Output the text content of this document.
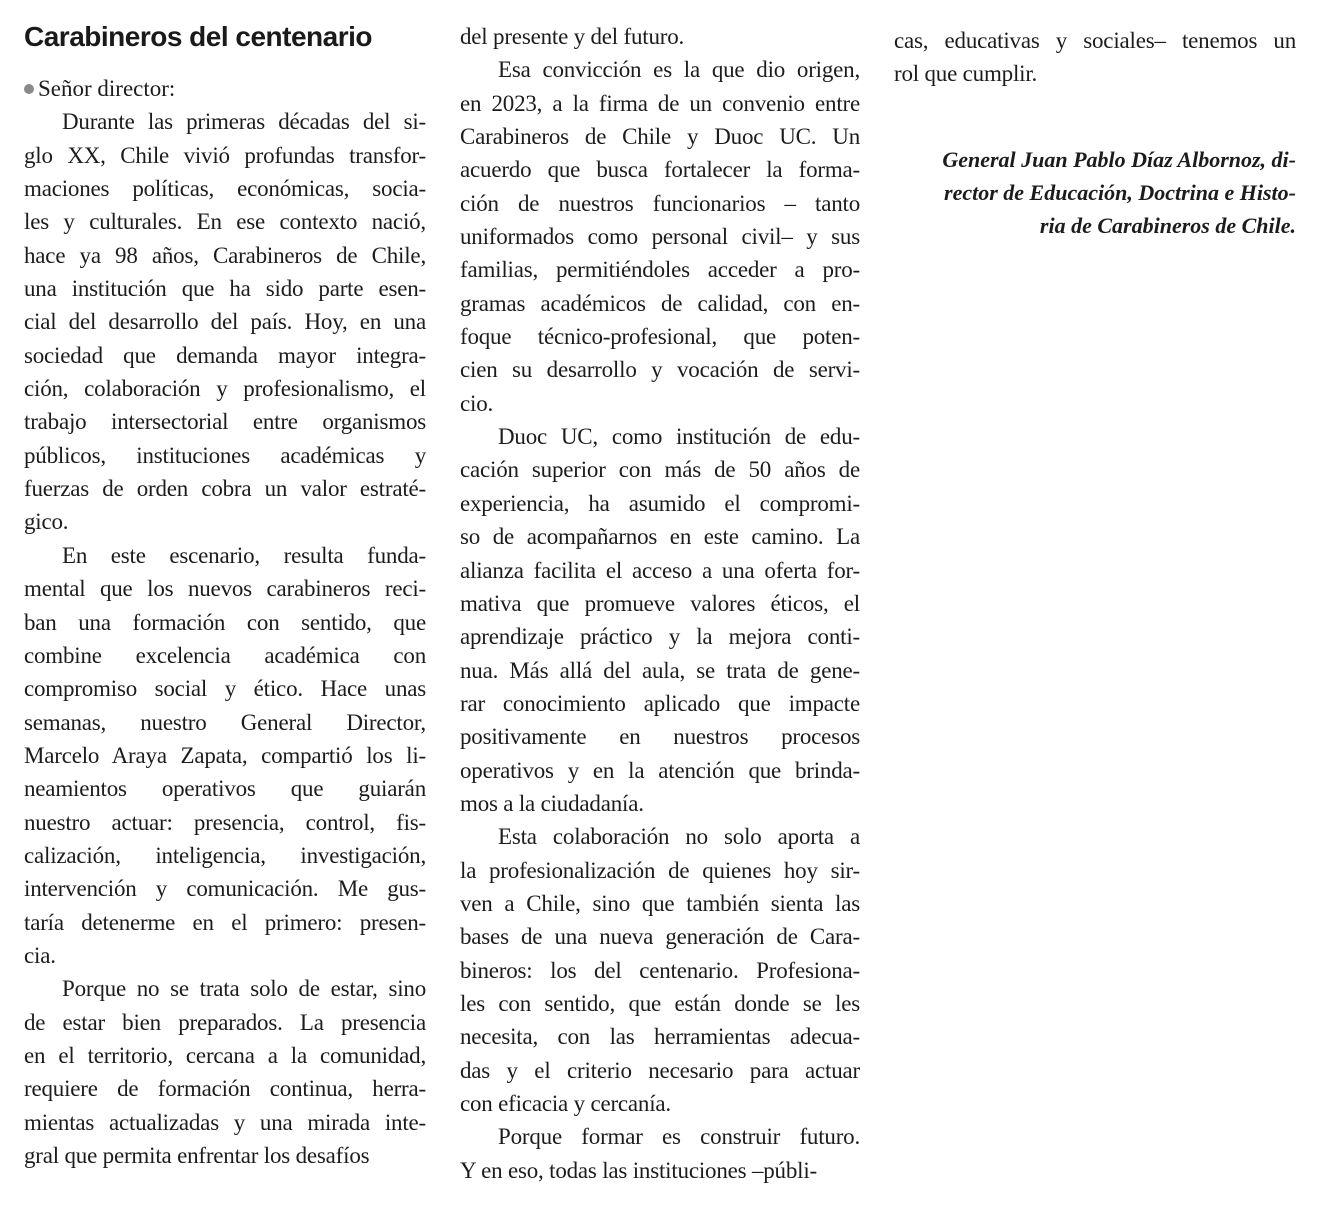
Carabineros del centenario
Señor director:
Durante las primeras décadas del si-
glo XX, Chile vivió profundas transfor-
maciones políticas, económicas, socia-
les y culturales. En ese contexto nació,
hace ya 98 años, Carabineros de Chile,
una institución que ha sido parte esen-
cial del desarrollo del país. Hoy, en una
sociedad que demanda mayor integra-
ción, colaboración y profesionalismo, el
trabajo intersectorial entre organismos
públicos, instituciones académicas y
fuerzas de orden cobra un valor estraté-
gico.
En este escenario, resulta funda-
mental que los nuevos carabineros reci-
ban una formación con sentido, que
combine excelencia académica con
compromiso social y ético. Hace unas
semanas, nuestro General Director,
Marcelo Araya Zapata, compartió los li-
neamientos operativos que guiarán
nuestro actuar: presencia, control, fis-
calización, inteligencia, investigación,
intervención y comunicación. Me gus-
taría detenerme en el primero: presen-
cia.
Porque no se trata solo de estar, sino
de estar bien preparados. La presencia
en el territorio, cercana a la comunidad,
requiere de formación continua, herra-
mientas actualizadas y una mirada inte-
gral que permita enfrentar los desafíos
del presente y del futuro.
Esa convicción es la que dio origen,
en 2023, a la firma de un convenio entre
Carabineros de Chile y Duoc UC. Un
acuerdo que busca fortalecer la forma-
ción de nuestros funcionarios – tanto
uniformados como personal civil– y sus
familias, permitiéndoles acceder a pro-
gramas académicos de calidad, con en-
foque técnico-profesional, que poten-
cien su desarrollo y vocación de servi-
cio.
Duoc UC, como institución de edu-
cación superior con más de 50 años de
experiencia, ha asumido el compromi-
so de acompañarnos en este camino. La
alianza facilita el acceso a una oferta for-
mativa que promueve valores éticos, el
aprendizaje práctico y la mejora conti-
nua. Más allá del aula, se trata de gene-
rar conocimiento aplicado que impacte
positivamente en nuestros procesos
operativos y en la atención que brinda-
mos a la ciudadanía.
Esta colaboración no solo aporta a
la profesionalización de quienes hoy sir-
ven a Chile, sino que también sienta las
bases de una nueva generación de Cara-
bineros: los del centenario. Profesiona-
les con sentido, que están donde se les
necesita, con las herramientas adecua-
das y el criterio necesario para actuar
con eficacia y cercanía.
Porque formar es construir futuro.
Y en eso, todas las instituciones –públi-
cas, educativas y sociales– tenemos un
rol que cumplir.
General Juan Pablo Díaz Albornoz, di-
rector de Educación, Doctrina e Histo-
ria de Carabineros de Chile.
